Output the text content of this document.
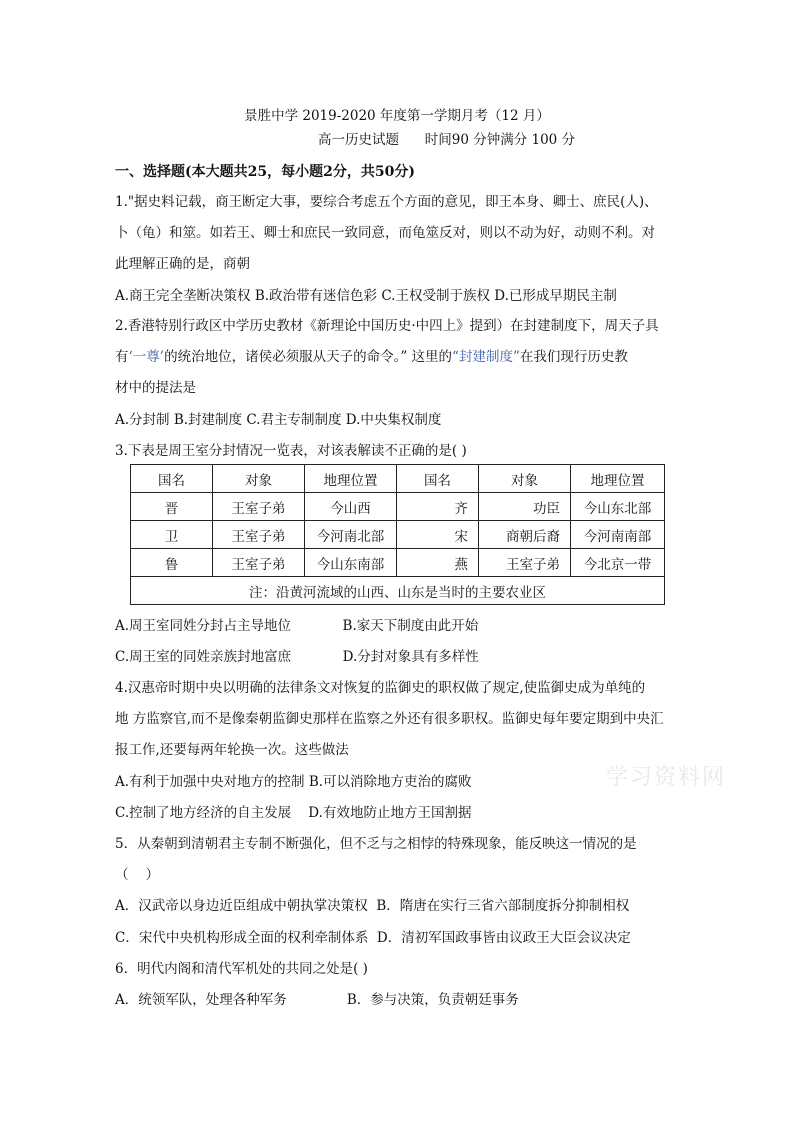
景胜中学 2019-2020 年度第一学期月考（12 月）
高一历史试题      时间90 分钟满分 100 分
一、选择题(本大题共25，每小题2分，共50分)
1."据史料记载，商王断定大事，要综合考虑五个方面的意见，即王本身、卿士、庶民(人)、
卜（龟）和筮。如若王、卿士和庶民一致同意，而龟筮反对，则以不动为好，动则不利。对
此理解正确的是，商朝
A.商王完全垄断决策权 B.政治带有迷信色彩 C.王权受制于族权 D.已形成早期民主制
2.香港特别行政区中学历史教材《新理论中国历史·中四上》提到）在封建制度下，周天子具
有‘一尊’的统治地位，诸侯必须服从天子的命令。” 这里的“封建制度”在我们现行历史教
材中的提法是
A.分封制 B.封建制度 C.君主专制制度 D.中央集权制度
3.下表是周王室分封情况一览表，对该表解读不正确的是( )
国名	对象	地理位置	国名	对象	地理位置
晋	王室子弟	今山西	齐	功臣	今山东北部
卫	王室子弟	今河南北部	宋	商朝后裔	今河南南部
鲁	王室子弟	今山东南部	燕	王室子弟	今北京一带
注：沿黄河流域的山西、山东是当时的主要农业区					
A.周王室同姓分封占主导地位            B.家天下制度由此开始
C.周王室的同姓亲族封地富庶            D.分封对象具有多样性
4.汉惠帝时期中央以明确的法律条文对恢复的监御史的职权做了规定,使监御史成为单纯的
地 方监察官,而不是像秦朝监御史那样在监察之外还有很多职权。监御史每年要定期到中央汇
报工作,还要每两年轮换一次。这些做法
A.有利于加强中央对地方的控制 B.可以消除地方吏治的腐败
C.控制了地方经济的自主发展    D.有效地防止地方王国割据
5．从秦朝到清朝君主专制不断强化，但不乏与之相悖的特殊现象，能反映这一情况的是
（    ）
A．汉武帝以身边近臣组成中朝执掌决策权  B．隋唐在实行三省六部制度拆分抑制相权
C．宋代中央机构形成全面的权利牵制体系  D．清初军国政事皆由议政王大臣会议决定
6．明代内阁和清代军机处的共同之处是( )
A．统领军队，处理各种军务              B．参与决策，负责朝廷事务
学习资料网
